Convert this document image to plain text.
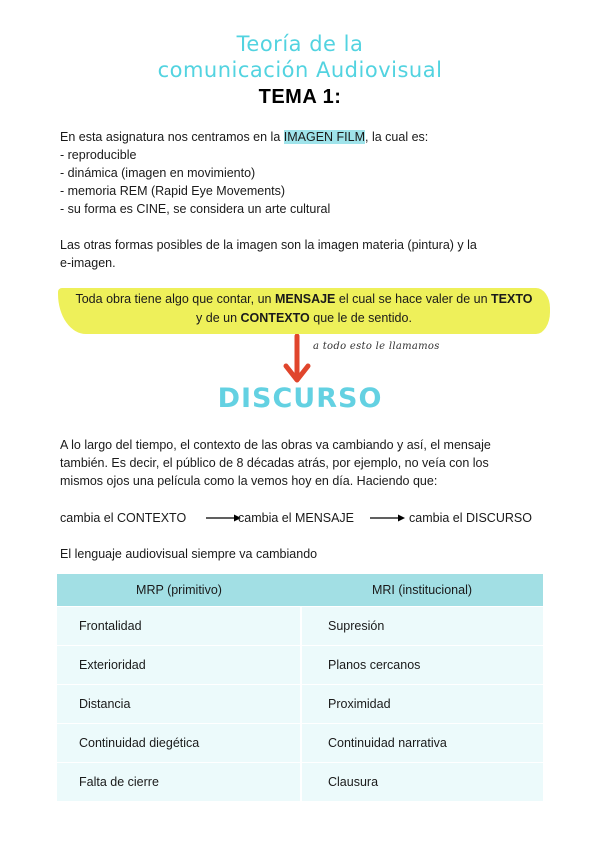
Teoría de la
comunicación Audiovisual
TEMA 1:
En esta asignatura nos centramos en la IMAGEN FILM, la cual es:
- reproducible
- dinámica (imagen en movimiento)
- memoria REM (Rapid Eye Movements)
- su forma es CINE, se considera un arte cultural
Las otras formas posibles de la imagen son la imagen materia (pintura) y la
e-imagen.
Toda obra tiene algo que contar, un MENSAJE el cual se hace valer de un TEXTO
y de un CONTEXTO que le de sentido.
a todo esto le llamamos
DISCURSO
A lo largo del tiempo, el contexto de las obras va cambiando y así, el mensaje
también. Es decir, el público de 8 décadas atrás, por ejemplo, no veía con los
mismos ojos una película como la vemos hoy en día. Haciendo que:
cambia el CONTEXTO	cambia el MENSAJE	cambia el DISCURSO
El lenguaje audiovisual siempre va cambiando
MRP (primitivo)	MRI (institucional)
Frontalidad	Supresión
Exterioridad	Planos cercanos
Distancia	Proximidad
Continuidad diegética	Continuidad narrativa
Falta de cierre	Clausura
